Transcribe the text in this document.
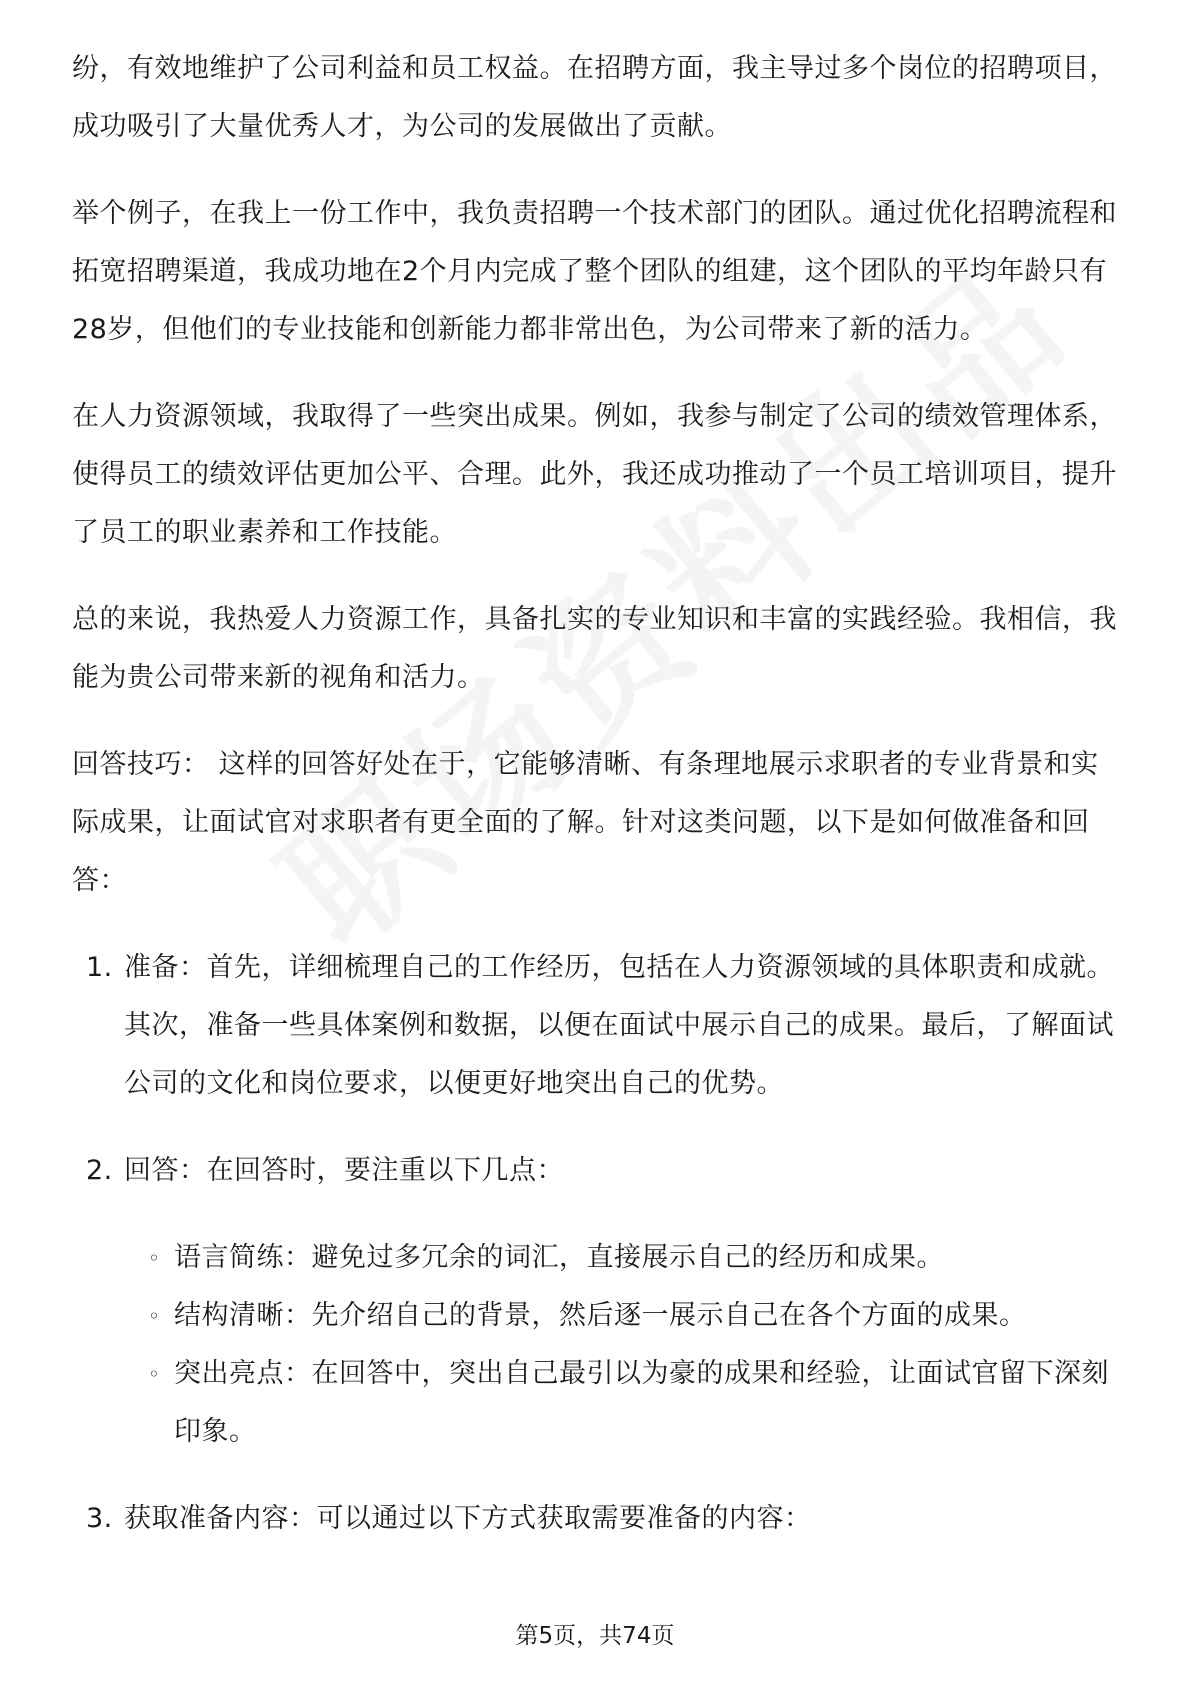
纷，有效地维护了公司利益和员工权益。在招聘方面，我主导过多个岗位的招聘项目，成功吸引了大量优秀人才，为公司的发展做出了贡献。

举个例子，在我上一份工作中，我负责招聘一个技术部门的团队。通过优化招聘流程和拓宽招聘渠道，我成功地在2个月内完成了整个团队的组建，这个团队的平均年龄只有28岁，但他们的专业技能和创新能力都非常出色，为公司带来了新的活力。

在人力资源领域，我取得了一些突出成果。例如，我参与制定了公司的绩效管理体系，使得员工的绩效评估更加公平、合理。此外，我还成功推动了一个员工培训项目，提升了员工的职业素养和工作技能。

总的来说，我热爱人力资源工作，具备扎实的专业知识和丰富的实践经验。我相信，我能为贵公司带来新的视角和活力。

回答技巧： 这样的回答好处在于，它能够清晰、有条理地展示求职者的专业背景和实际成果，让面试官对求职者有更全面的了解。针对这类问题，以下是如何做准备和回答：

1. 准备：首先，详细梳理自己的工作经历，包括在人力资源领域的具体职责和成就。其次，准备一些具体案例和数据，以便在面试中展示自己的成果。最后，了解面试公司的文化和岗位要求，以便更好地突出自己的优势。
2. 回答：在回答时，要注重以下几点：
◦ 语言简练：避免过多冗余的词汇，直接展示自己的经历和成果。
◦ 结构清晰：先介绍自己的背景，然后逐一展示自己在各个方面的成果。
◦ 突出亮点：在回答中，突出自己最引以为豪的成果和经验，让面试官留下深刻印象。
3. 获取准备内容：可以通过以下方式获取需要准备的内容：
第5页，共74页
